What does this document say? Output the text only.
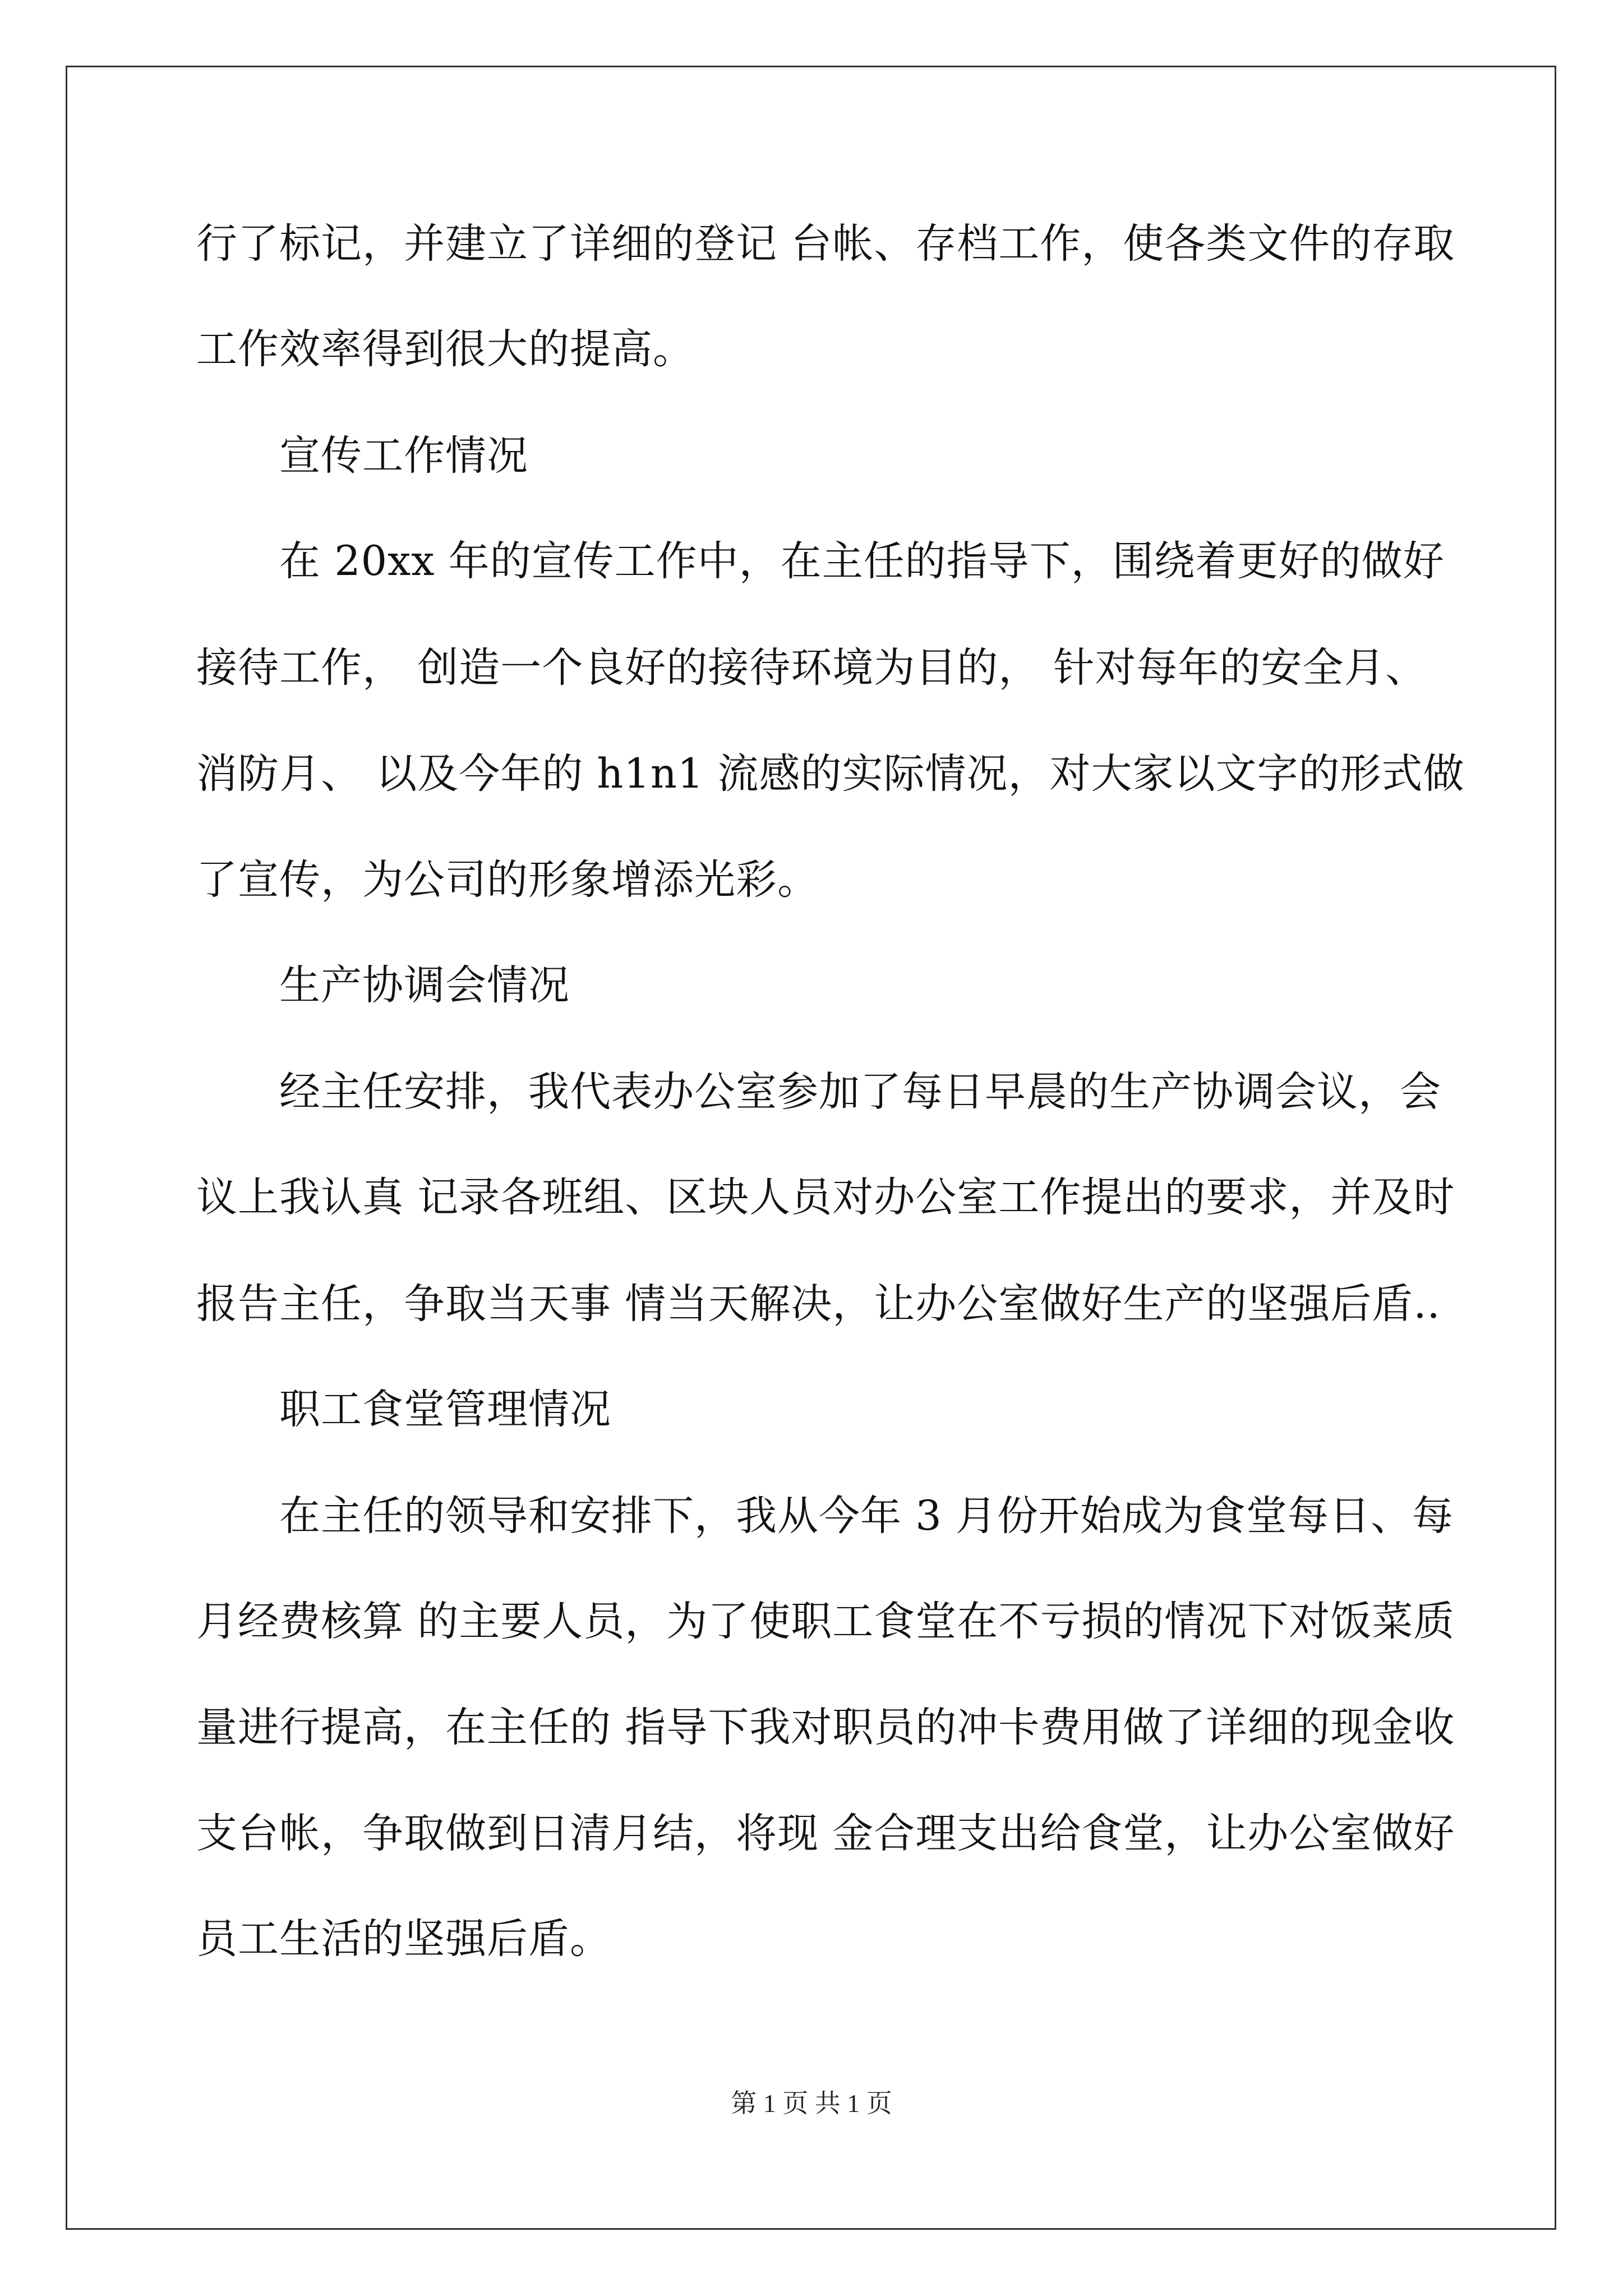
行了标记，并建立了详细的登记 台帐、存档工作，使各类文件的存取
工作效率得到很大的提高。
宣传工作情况
在 20xx 年的宣传工作中，在主任的指导下，围绕着更好的做好
接待工作， 创造一个良好的接待环境为目的， 针对每年的安全月、
消防月、 以及今年的 h1n1 流感的实际情况，对大家以文字的形式做
了宣传，为公司的形象增添光彩。
生产协调会情况
经主任安排，我代表办公室参加了每日早晨的生产协调会议，会
议上我认真 记录各班组、区块人员对办公室工作提出的要求，并及时
报告主任，争取当天事 情当天解决，让办公室做好生产的坚强后盾..
职工食堂管理情况
在主任的领导和安排下，我从今年 3 月份开始成为食堂每日、每
月经费核算 的主要人员，为了使职工食堂在不亏损的情况下对饭菜质
量进行提高，在主任的 指导下我对职员的冲卡费用做了详细的现金收
支台帐，争取做到日清月结，将现 金合理支出给食堂，让办公室做好
员工生活的坚强后盾。
第 1 页 共 1 页
